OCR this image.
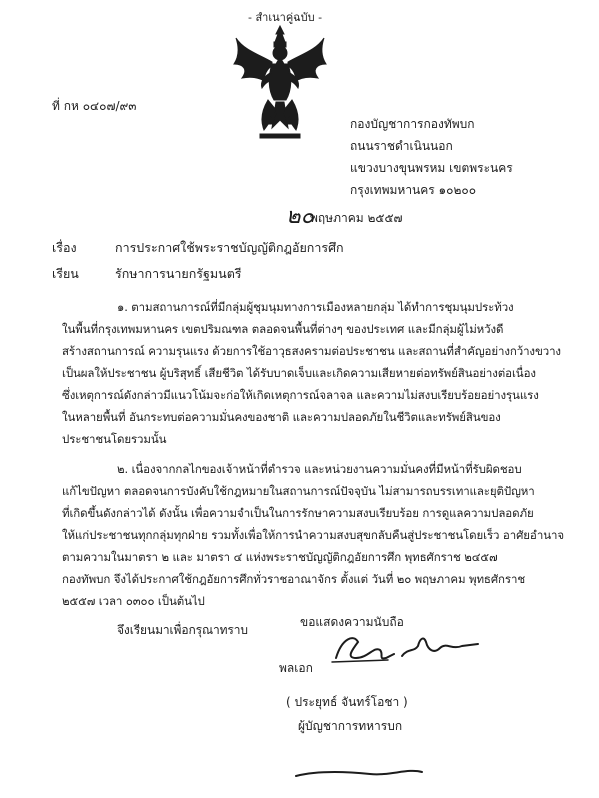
- สำเนาคู่ฉบับ -
ที่ กห ๐๔๐๗/๙๓
กองบัญชาการกองทัพบก
ถนนราชดำเนินนอก
แขวงบางขุนพรหม เขตพระนคร
กรุงเทพมหานคร ๑๐๒๐๐
๒๐
พฤษภาคม ๒๕๕๗
เรื่อง	การประกาศใช้พระราชบัญญัติกฎอัยการศึก
เรียน	รักษาการนายกรัฐมนตรี
๑. ตามสถานการณ์ที่มีกลุ่มผู้ชุมนุมทางการเมืองหลายกลุ่ม ได้ทำการชุมนุมประท้วง
ในพื้นที่กรุงเทพมหานคร เขตปริมณฑล ตลอดจนพื้นที่ต่างๆ ของประเทศ และมีกลุ่มผู้ไม่หวังดี
สร้างสถานการณ์ ความรุนแรง ด้วยการใช้อาวุธสงครามต่อประชาชน และสถานที่สำคัญอย่างกว้างขวาง
เป็นผลให้ประชาชน ผู้บริสุทธิ์ เสียชีวิต ได้รับบาดเจ็บและเกิดความเสียหายต่อทรัพย์สินอย่างต่อเนื่อง
ซึ่งเหตุการณ์ดังกล่าวมีแนวโน้มจะก่อให้เกิดเหตุการณ์จลาจล และความไม่สงบเรียบร้อยอย่างรุนแรง
ในหลายพื้นที่ อันกระทบต่อความมั่นคงของชาติ และความปลอดภัยในชีวิตและทรัพย์สินของ
ประชาชนโดยรวมนั้น
๒. เนื่องจากกลไกของเจ้าหน้าที่ตำรวจ และหน่วยงานความมั่นคงที่มีหน้าที่รับผิดชอบ
แก้ไขปัญหา ตลอดจนการบังคับใช้กฎหมายในสถานการณ์ปัจจุบัน ไม่สามารถบรรเทาและยุติปัญหา
ที่เกิดขึ้นดังกล่าวได้ ดังนั้น เพื่อความจำเป็นในการรักษาความสงบเรียบร้อย การดูแลความปลอดภัย
ให้แก่ประชาชนทุกกลุ่มทุกฝ่าย รวมทั้งเพื่อให้การนำความสงบสุขกลับคืนสู่ประชาชนโดยเร็ว อาศัยอำนาจ
ตามความในมาตรา ๒ และ มาตรา ๔ แห่งพระราชบัญญัติกฎอัยการศึก พุทธศักราช ๒๔๕๗
กองทัพบก จึงได้ประกาศใช้กฎอัยการศึกทั่วราชอาณาจักร ตั้งแต่ วันที่ ๒๐ พฤษภาคม พุทธศักราช
๒๕๕๗ เวลา ๐๓๐๐ เป็นต้นไป
จึงเรียนมาเพื่อกรุณาทราบ
ขอแสดงความนับถือ
พลเอก
( ประยุทธ์ จันทร์โอชา )
ผู้บัญชาการทหารบก
